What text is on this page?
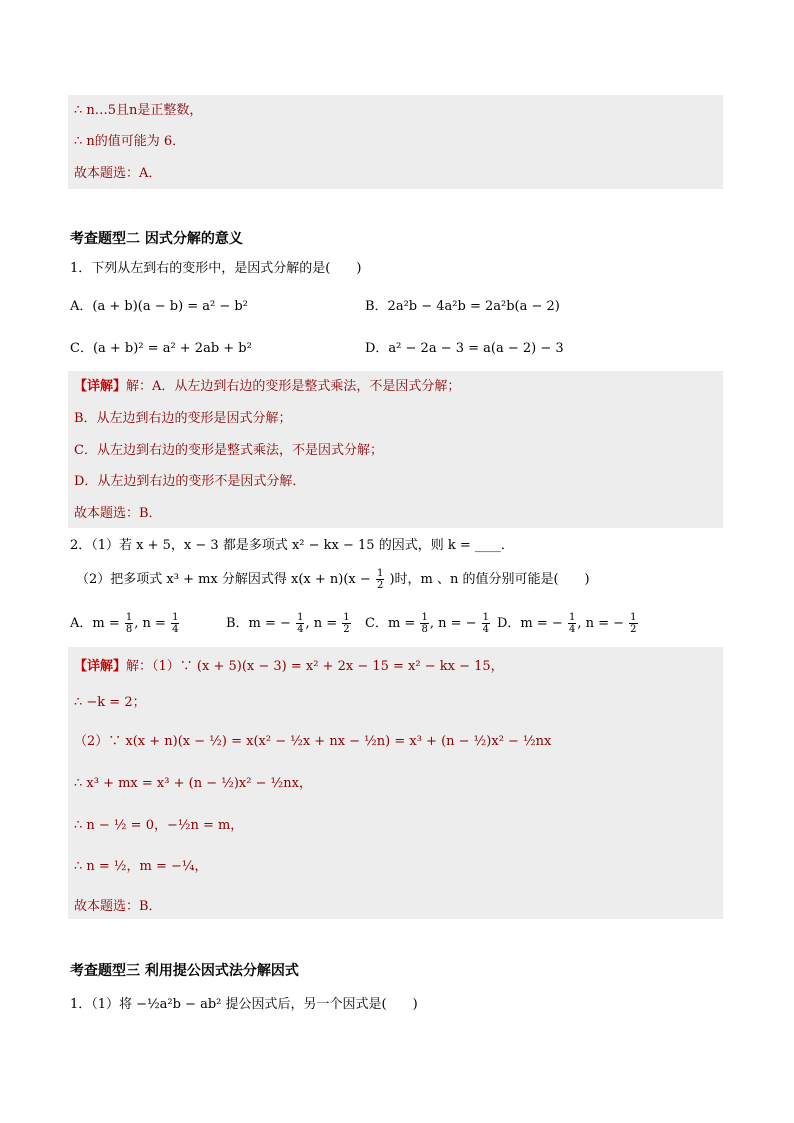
∴ n…5且n是正整数，
∴ n的值可能为 6．
故本题选：A．
考查题型二 因式分解的意义
1．下列从左到右的变形中，是因式分解的是(　　)
A．(a + b)(a − b) = a² − b²	B．2a²b − 4a²b = 2a²b(a − 2)
C．(a + b)² = a² + 2ab + b²	D．a² − 2a − 3 = a(a − 2) − 3
【详解】解：A．从左边到右边的变形是整式乘法，不是因式分解；
B．从左边到右边的变形是因式分解；
C．从左边到右边的变形是整式乘法，不是因式分解；
D．从左边到右边的变形不是因式分解．
故本题选：B．
2．（1）若 x + 5，x − 3 都是多项式 x² − kx − 15 的因式，则 k = ____．
（2）把多项式 x³ + mx 分解因式得 $x(x + n)(x - \frac{1}{2}$ )时，m 、n 的值分别可能是(　　)
A．$m = \frac{1}{8}$ , $n = \frac{1}{4}$	B．m = − $\frac{1}{4}$ , $n = \frac{1}{2}$ C．$m = \frac{1}{8}$ , n = − $\frac{1}{4}$ D．m = − $\frac{1}{4}$ , n = − $\frac{1}{2}$
【详解】解：（1）∵ (x + 5)(x − 3) = x² + 2x − 15 = x² − kx − 15，
∴ −k = 2；
（2）∵ x(x + n)(x − ½) = x(x² − ½x + nx − ½n) = x³ + (n − ½)x² − ½nx
∴ x³ + mx = x³ + (n − ½)x² − ½nx，
∴ n − ½ = 0，−½n = m，
∴ n = ½，m = −¼，
故本题选：B．
考查题型三 利用提公因式法分解因式
1．（1）将 −½a²b − ab² 提公因式后，另一个因式是(　　)
